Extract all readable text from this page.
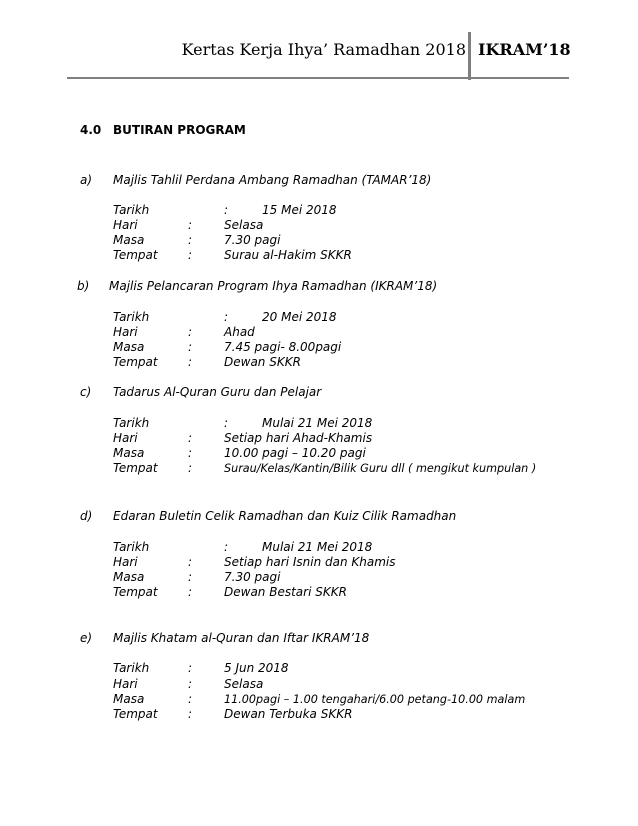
Kertas Kerja Ihya’ Ramadhan 2018 IKRAM’18
4.0 BUTIRAN PROGRAM
a) Majlis Tahlil Perdana Ambang Ramadhan (TAMAR’18)
Tarikh	:	15 Mei 2018
Hari	:	Selasa
Masa	:	7.30 pagi
Tempat	:	Surau al-Hakim SKKR
b) Majlis Pelancaran Program Ihya Ramadhan (IKRAM’18)
Tarikh	:	20 Mei 2018
Hari	:	Ahad
Masa	:	7.45 pagi- 8.00pagi
Tempat	:	Dewan SKKR
c) Tadarus Al-Quran Guru dan Pelajar
Tarikh	:	Mulai 21 Mei 2018
Hari	:	Setiap hari Ahad-Khamis
Masa	:	10.00 pagi – 10.20 pagi
Tempat	:	Surau/Kelas/Kantin/Bilik Guru dll ( mengikut kumpulan )
d) Edaran Buletin Celik Ramadhan dan Kuiz Cilik Ramadhan
Tarikh	:	Mulai 21 Mei 2018
Hari	:	Setiap hari Isnin dan Khamis
Masa	:	7.30 pagi
Tempat	:	Dewan Bestari SKKR
e) Majlis Khatam al-Quran dan Iftar IKRAM’18
Tarikh	:	5 Jun 2018
Hari	:	Selasa
Masa	:	11.00pagi – 1.00 tengahari/6.00 petang-10.00 malam
Tempat	:	Dewan Terbuka SKKR
